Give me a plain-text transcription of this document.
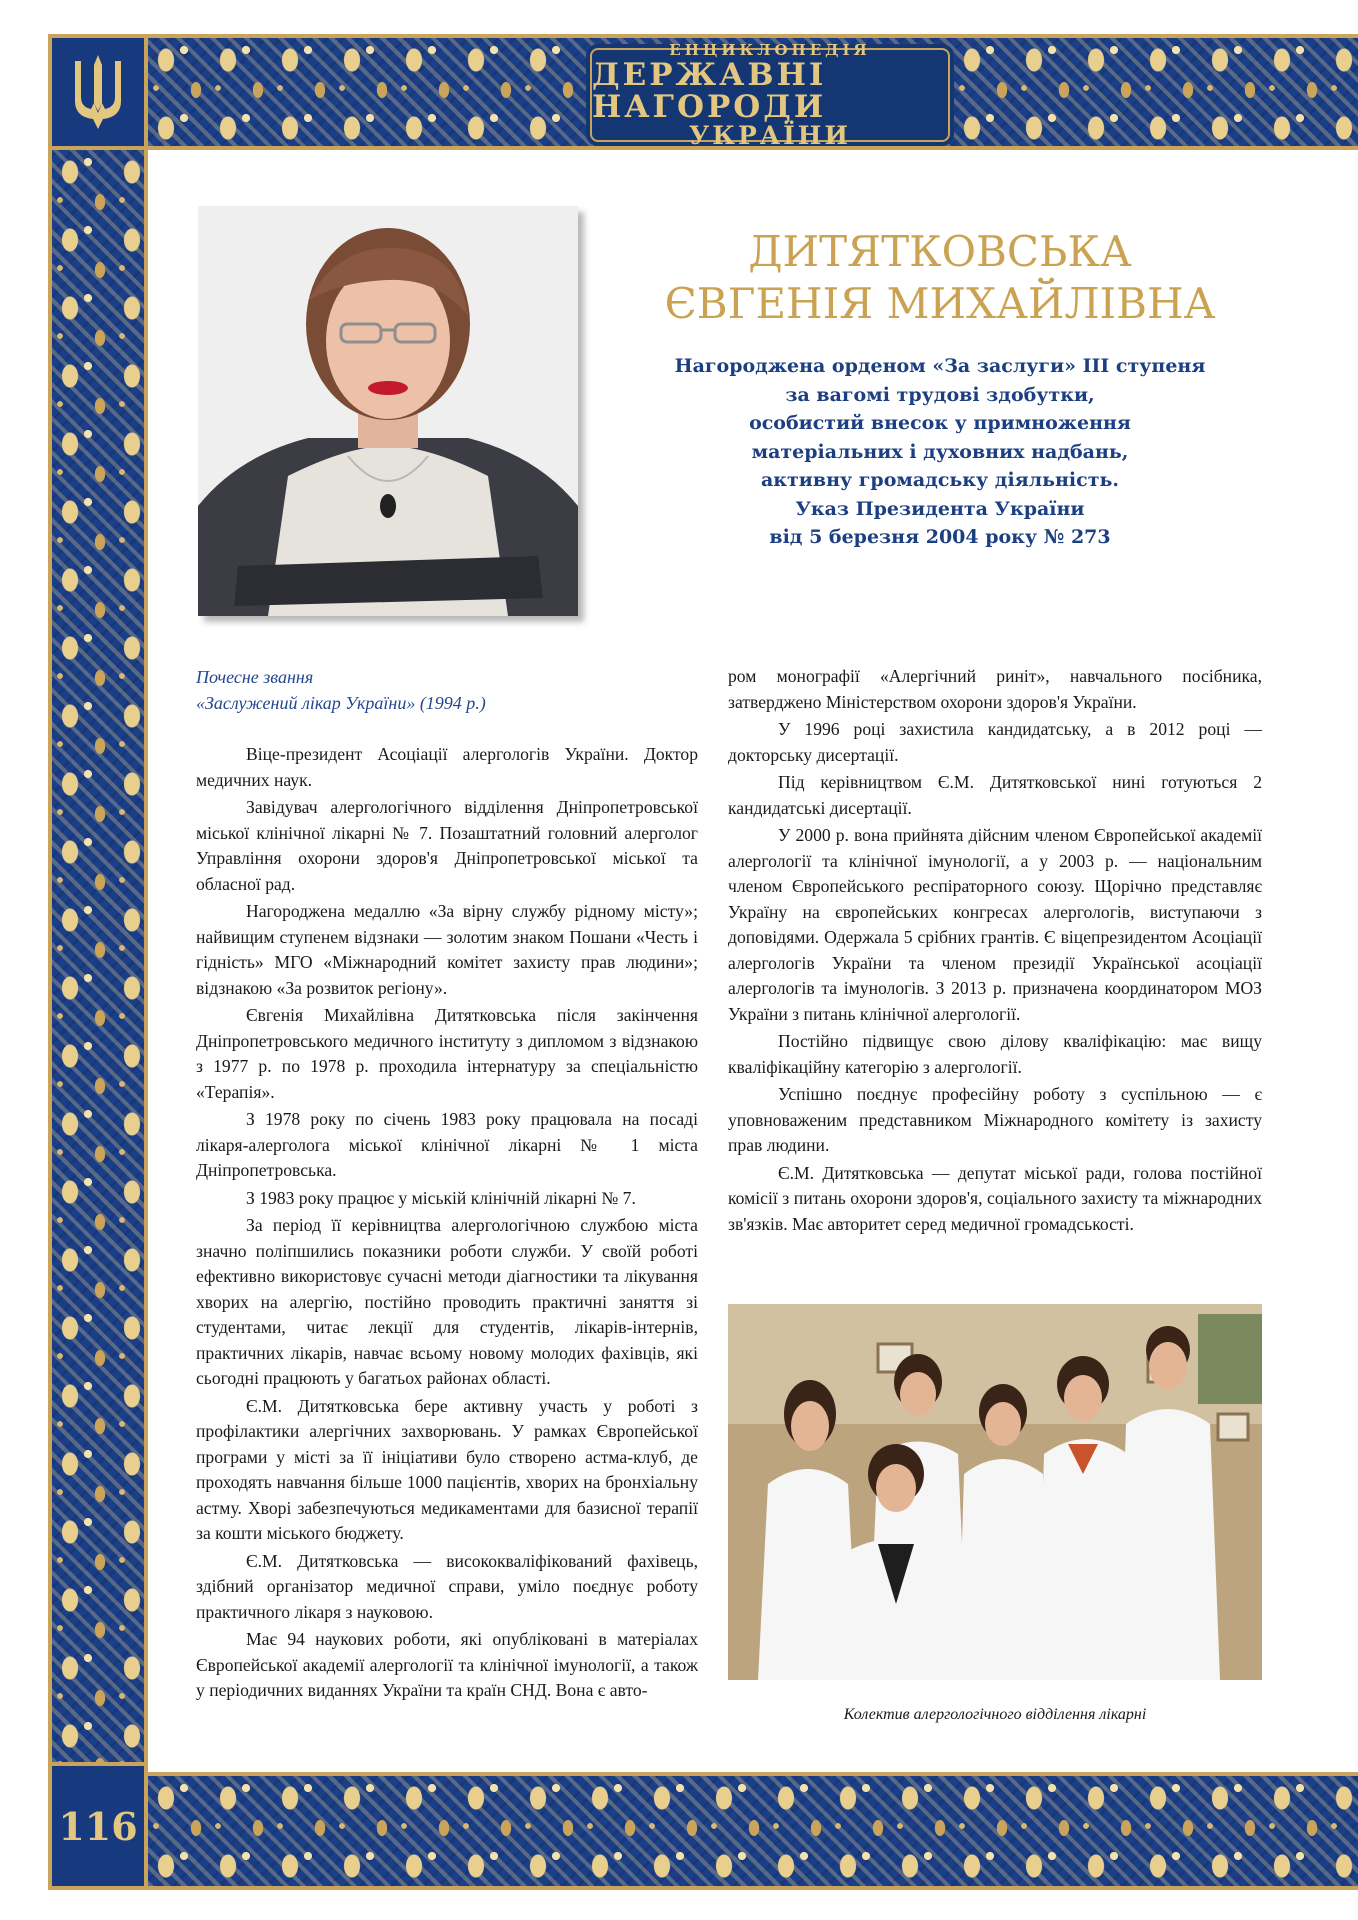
ЕНЦИКЛОПЕДІЯ
ДЕРЖАВНІ НАГОРОДИ
УКРАЇНИ
116
ДИТЯТКОВСЬКА
ЄВГЕНІЯ МИХАЙЛІВНА
Нагороджена орденом «За заслуги» ІІІ ступеня
за вагомі трудові здобутки,
особистий внесок у примноження
матеріальних і духовних надбань,
активну громадську діяльність.
Указ Президента України
від 5 березня 2004 року № 273
Почесне звання
«Заслужений лікар України» (1994 р.)

Віце-президент Асоціації алергологів України. Доктор медичних наук.

Завідувач алергологічного відділення Дніпропетровської міської клінічної лікарні № 7. Позаштатний головний алерголог Управління охорони здоров'я Дніпропетровської міської та обласної рад.

Нагороджена медаллю «За вірну службу рідному місту»; найвищим ступенем відзнаки — золотим знаком Пошани «Честь і гідність» МГО «Міжнародний комітет захисту прав людини»; відзнакою «За розвиток регіону».

Євгенія Михайлівна Дитятковська після закінчення Дніпропетровського медичного інституту з дипломом з відзнакою з 1977 р. по 1978 р. проходила інтернатуру за спеціальністю «Терапія».

З 1978 року по січень 1983 року працювала на посаді лікаря-алерголога міської клінічної лікарні № 1 міста Дніпропетровська.

З 1983 року працює у міській клінічній лікарні № 7.

За період її керівництва алергологічною службою міста значно поліпшились показники роботи служби. У своїй роботі ефективно використовує сучасні методи діагностики та лікування хворих на алергію, постійно проводить практичні заняття зі студентами, читає лекції для студентів, лікарів-інтернів, практичних лікарів, навчає всьому новому молодих фахівців, які сьогодні працюють у багатьох районах області.

Є.М. Дитятковська бере активну участь у роботі з профілактики алергічних захворювань. У рамках Європейської програми у місті за її ініціативи було створено астма-клуб, де проходять навчання більше 1000 пацієнтів, хворих на бронхіальну астму. Хворі забезпечуються медикаментами для базисної терапії за кошти міського бюджету.

Є.М. Дитятковська — висококваліфікований фахівець, здібний організатор медичної справи, уміло поєднує роботу практичного лікаря з науковою.

Має 94 наукових роботи, які опубліковані в матеріалах Європейської академії алергології та клінічної імунології, а також у періодичних виданнях України та країн СНД. Вона є авто-

ром монографії «Алергічний риніт», навчального посібника, затверджено Міністерством охорони здоров'я України.

У 1996 році захистила кандидатську, а в 2012 році — докторську дисертації.

Під керівництвом Є.М. Дитятковської нині готуються 2 кандидатські дисертації.

У 2000 р. вона прийнята дійсним членом Європейської академії алергології та клінічної імунології, а у 2003 р. — національним членом Європейського респіраторного союзу. Щорічно представляє Україну на європейських конгресах алергологів, виступаючи з доповідями. Одержала 5 срібних грантів. Є віцепрезидентом Асоціації алергологів України та членом президії Української асоціації алергологів та імунологів. З 2013 р. призначена координатором МОЗ України з питань клінічної алергології.

Постійно підвищує свою ділову кваліфікацію: має вищу кваліфікаційну категорію з алергології.

Успішно поєднує професійну роботу з суспільною — є уповноваженим представником Міжнародного комітету із захисту прав людини.

Є.М. Дитятковська — депутат міської ради, голова постійної комісії з питань охорони здоров'я, соціального захисту та міжнародних зв'язків. Має авторитет серед медичної громадськості.

Колектив алергологічного відділення лікарні
